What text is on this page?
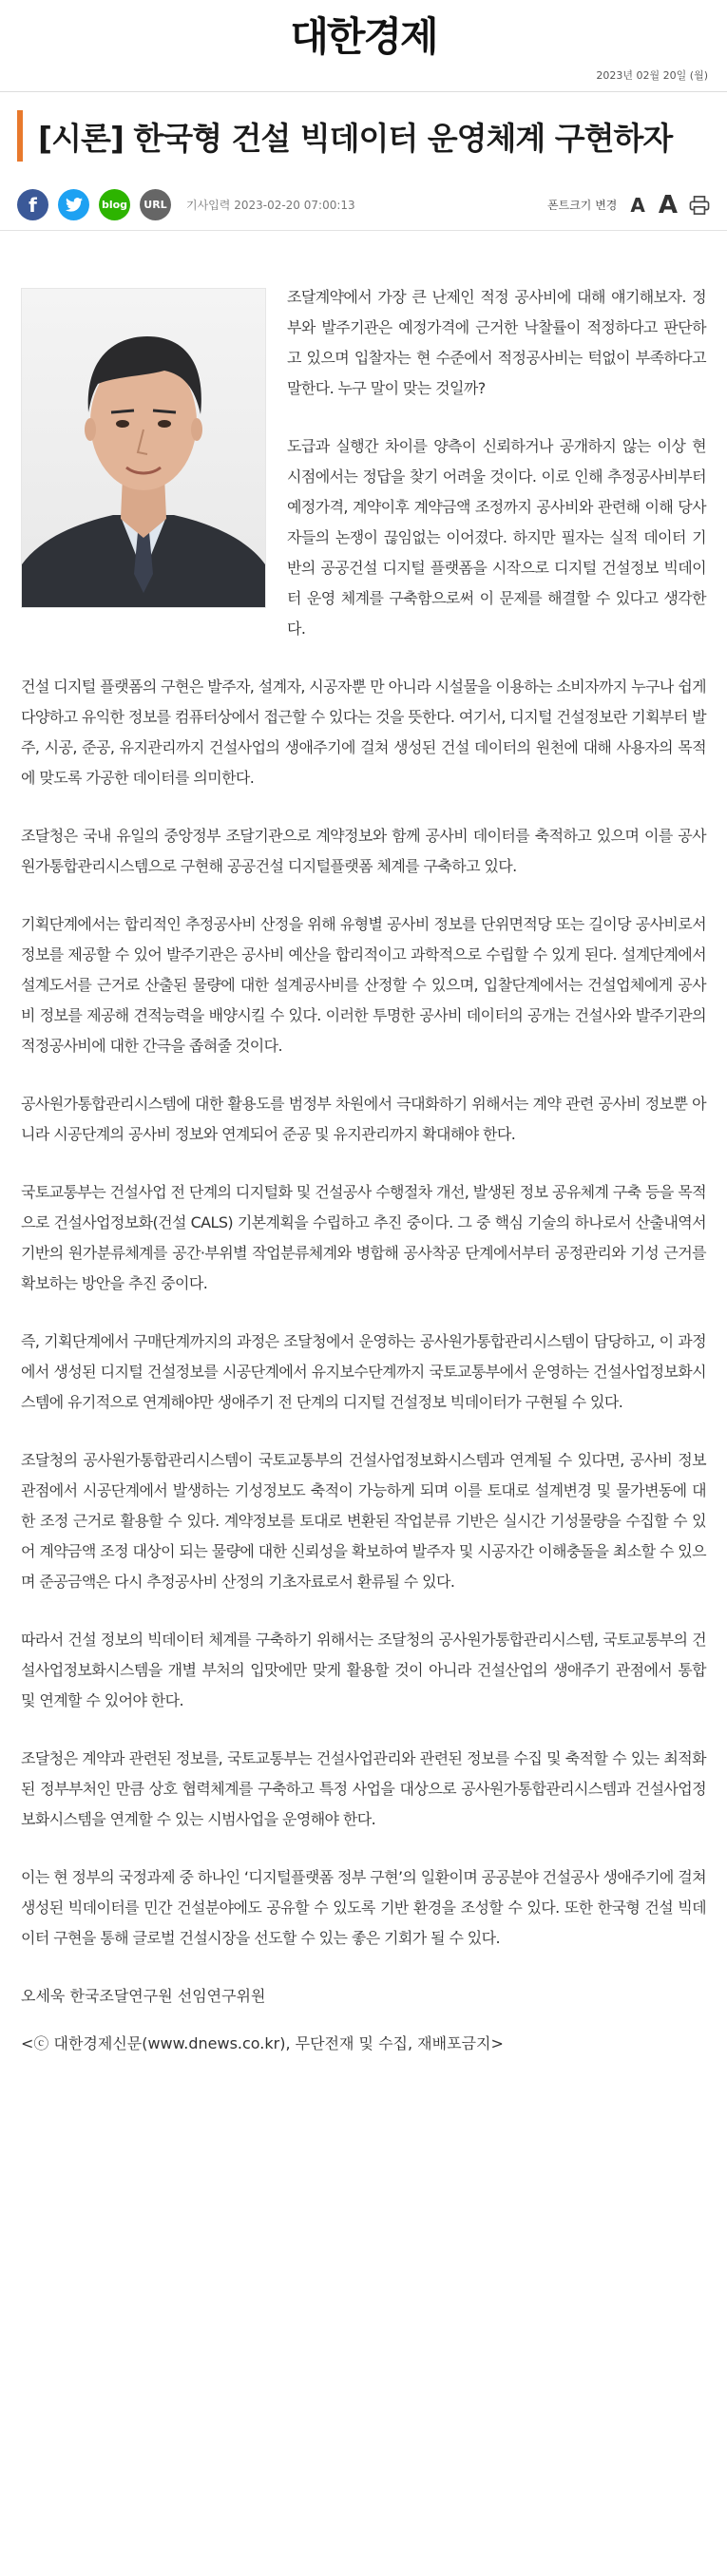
대한경제
2023년 02월 20일 (월)
[시론] 한국형 건설 빅데이터 운영체계 구현하자
f	blog URL 기사입력 2023-02-20 07:00:13	폰트크기 변경 A A

조달계약에서 가장 큰 난제인 적정 공사비에 대해 얘기해보자. 정부와 발주기관은 예정가격에 근거한 낙찰률이 적정하다고 판단하고 있으며 입찰자는 현 수준에서 적정공사비는 턱없이 부족하다고 말한다. 누구 말이 맞는 것일까?

도급과 실행간 차이를 양측이 신뢰하거나 공개하지 않는 이상 현 시점에서는 정답을 찾기 어려울 것이다. 이로 인해 추정공사비부터 예정가격, 계약이후 계약금액 조정까지 공사비와 관련해 이해 당사자들의 논쟁이 끊임없는 이어졌다. 하지만 필자는 실적 데이터 기반의 공공건설 디지털 플랫폼을 시작으로 디지털 건설정보 빅데이터 운영 체계를 구축함으로써 이 문제를 해결할 수 있다고 생각한다.

건설 디지털 플랫폼의 구현은 발주자, 설계자, 시공자뿐 만 아니라 시설물을 이용하는 소비자까지 누구나 쉽게 다양하고 유익한 정보를 컴퓨터상에서 접근할 수 있다는 것을 뜻한다. 여기서, 디지털 건설정보란 기획부터 발주, 시공, 준공, 유지관리까지 건설사업의 생애주기에 걸쳐 생성된 건설 데이터의 원천에 대해 사용자의 목적에 맞도록 가공한 데이터를 의미한다.

조달청은 국내 유일의 중앙정부 조달기관으로 계약정보와 함께 공사비 데이터를 축적하고 있으며 이를 공사원가통합관리시스템으로 구현해 공공건설 디지털플랫폼 체계를 구축하고 있다.

기획단계에서는 합리적인 추정공사비 산정을 위해 유형별 공사비 정보를 단위면적당 또는 길이당 공사비로서 정보를 제공할 수 있어 발주기관은 공사비 예산을 합리적이고 과학적으로 수립할 수 있게 된다. 설계단계에서 설계도서를 근거로 산출된 물량에 대한 설계공사비를 산정할 수 있으며, 입찰단계에서는 건설업체에게 공사비 정보를 제공해 견적능력을 배양시킬 수 있다. 이러한 투명한 공사비 데이터의 공개는 건설사와 발주기관의 적정공사비에 대한 간극을 좁혀줄 것이다.

공사원가통합관리시스템에 대한 활용도를 범정부 차원에서 극대화하기 위해서는 계약 관련 공사비 정보뿐 아니라 시공단계의 공사비 정보와 연계되어 준공 및 유지관리까지 확대해야 한다.

국토교통부는 건설사업 전 단계의 디지털화 및 건설공사 수행절차 개선, 발생된 정보 공유체계 구축 등을 목적으로 건설사업정보화(건설 CALS) 기본계획을 수립하고 추진 중이다. 그 중 핵심 기술의 하나로서 산출내역서 기반의 원가분류체계를 공간·부위별 작업분류체계와 병합해 공사착공 단계에서부터 공정관리와 기성 근거를 확보하는 방안을 추진 중이다.

즉, 기획단계에서 구매단계까지의 과정은 조달청에서 운영하는 공사원가통합관리시스템이 담당하고, 이 과정에서 생성된 디지털 건설정보를 시공단계에서 유지보수단계까지 국토교통부에서 운영하는 건설사업정보화시스템에 유기적으로 연계해야만 생애주기 전 단계의 디지털 건설정보 빅데이터가 구현될 수 있다.

조달청의 공사원가통합관리시스템이 국토교통부의 건설사업정보화시스템과 연계될 수 있다면, 공사비 정보관점에서 시공단계에서 발생하는 기성정보도 축적이 가능하게 되며 이를 토대로 설계변경 및 물가변동에 대한 조정 근거로 활용할 수 있다. 계약정보를 토대로 변환된 작업분류 기반은 실시간 기성물량을 수집할 수 있어 계약금액 조정 대상이 되는 물량에 대한 신뢰성을 확보하여 발주자 및 시공자간 이해충돌을 최소할 수 있으며 준공금액은 다시 추정공사비 산정의 기초자료로서 환류될 수 있다.

따라서 건설 정보의 빅데이터 체계를 구축하기 위해서는 조달청의 공사원가통합관리시스템, 국토교통부의 건설사업정보화시스템을 개별 부처의 입맛에만 맞게 활용할 것이 아니라 건설산업의 생애주기 관점에서 통합 및 연계할 수 있어야 한다.

조달청은 계약과 관련된 정보를, 국토교통부는 건설사업관리와 관련된 정보를 수집 및 축적할 수 있는 최적화된 정부부처인 만큼 상호 협력체계를 구축하고 특정 사업을 대상으로 공사원가통합관리시스템과 건설사업정보화시스템을 연계할 수 있는 시범사업을 운영해야 한다.

이는 현 정부의 국정과제 중 하나인 ‘디지털플랫폼 정부 구현’의 일환이며 공공분야 건설공사 생애주기에 걸쳐 생성된 빅데이터를 민간 건설분야에도 공유할 수 있도록 기반 환경을 조성할 수 있다. 또한 한국형 건설 빅데이터 구현을 통해 글로벌 건설시장을 선도할 수 있는 좋은 기회가 될 수 있다.

오세욱 한국조달연구원 선임연구위원

<ⓒ 대한경제신문(www.dnews.co.kr), 무단전재 및 수집, 재배포금지>
